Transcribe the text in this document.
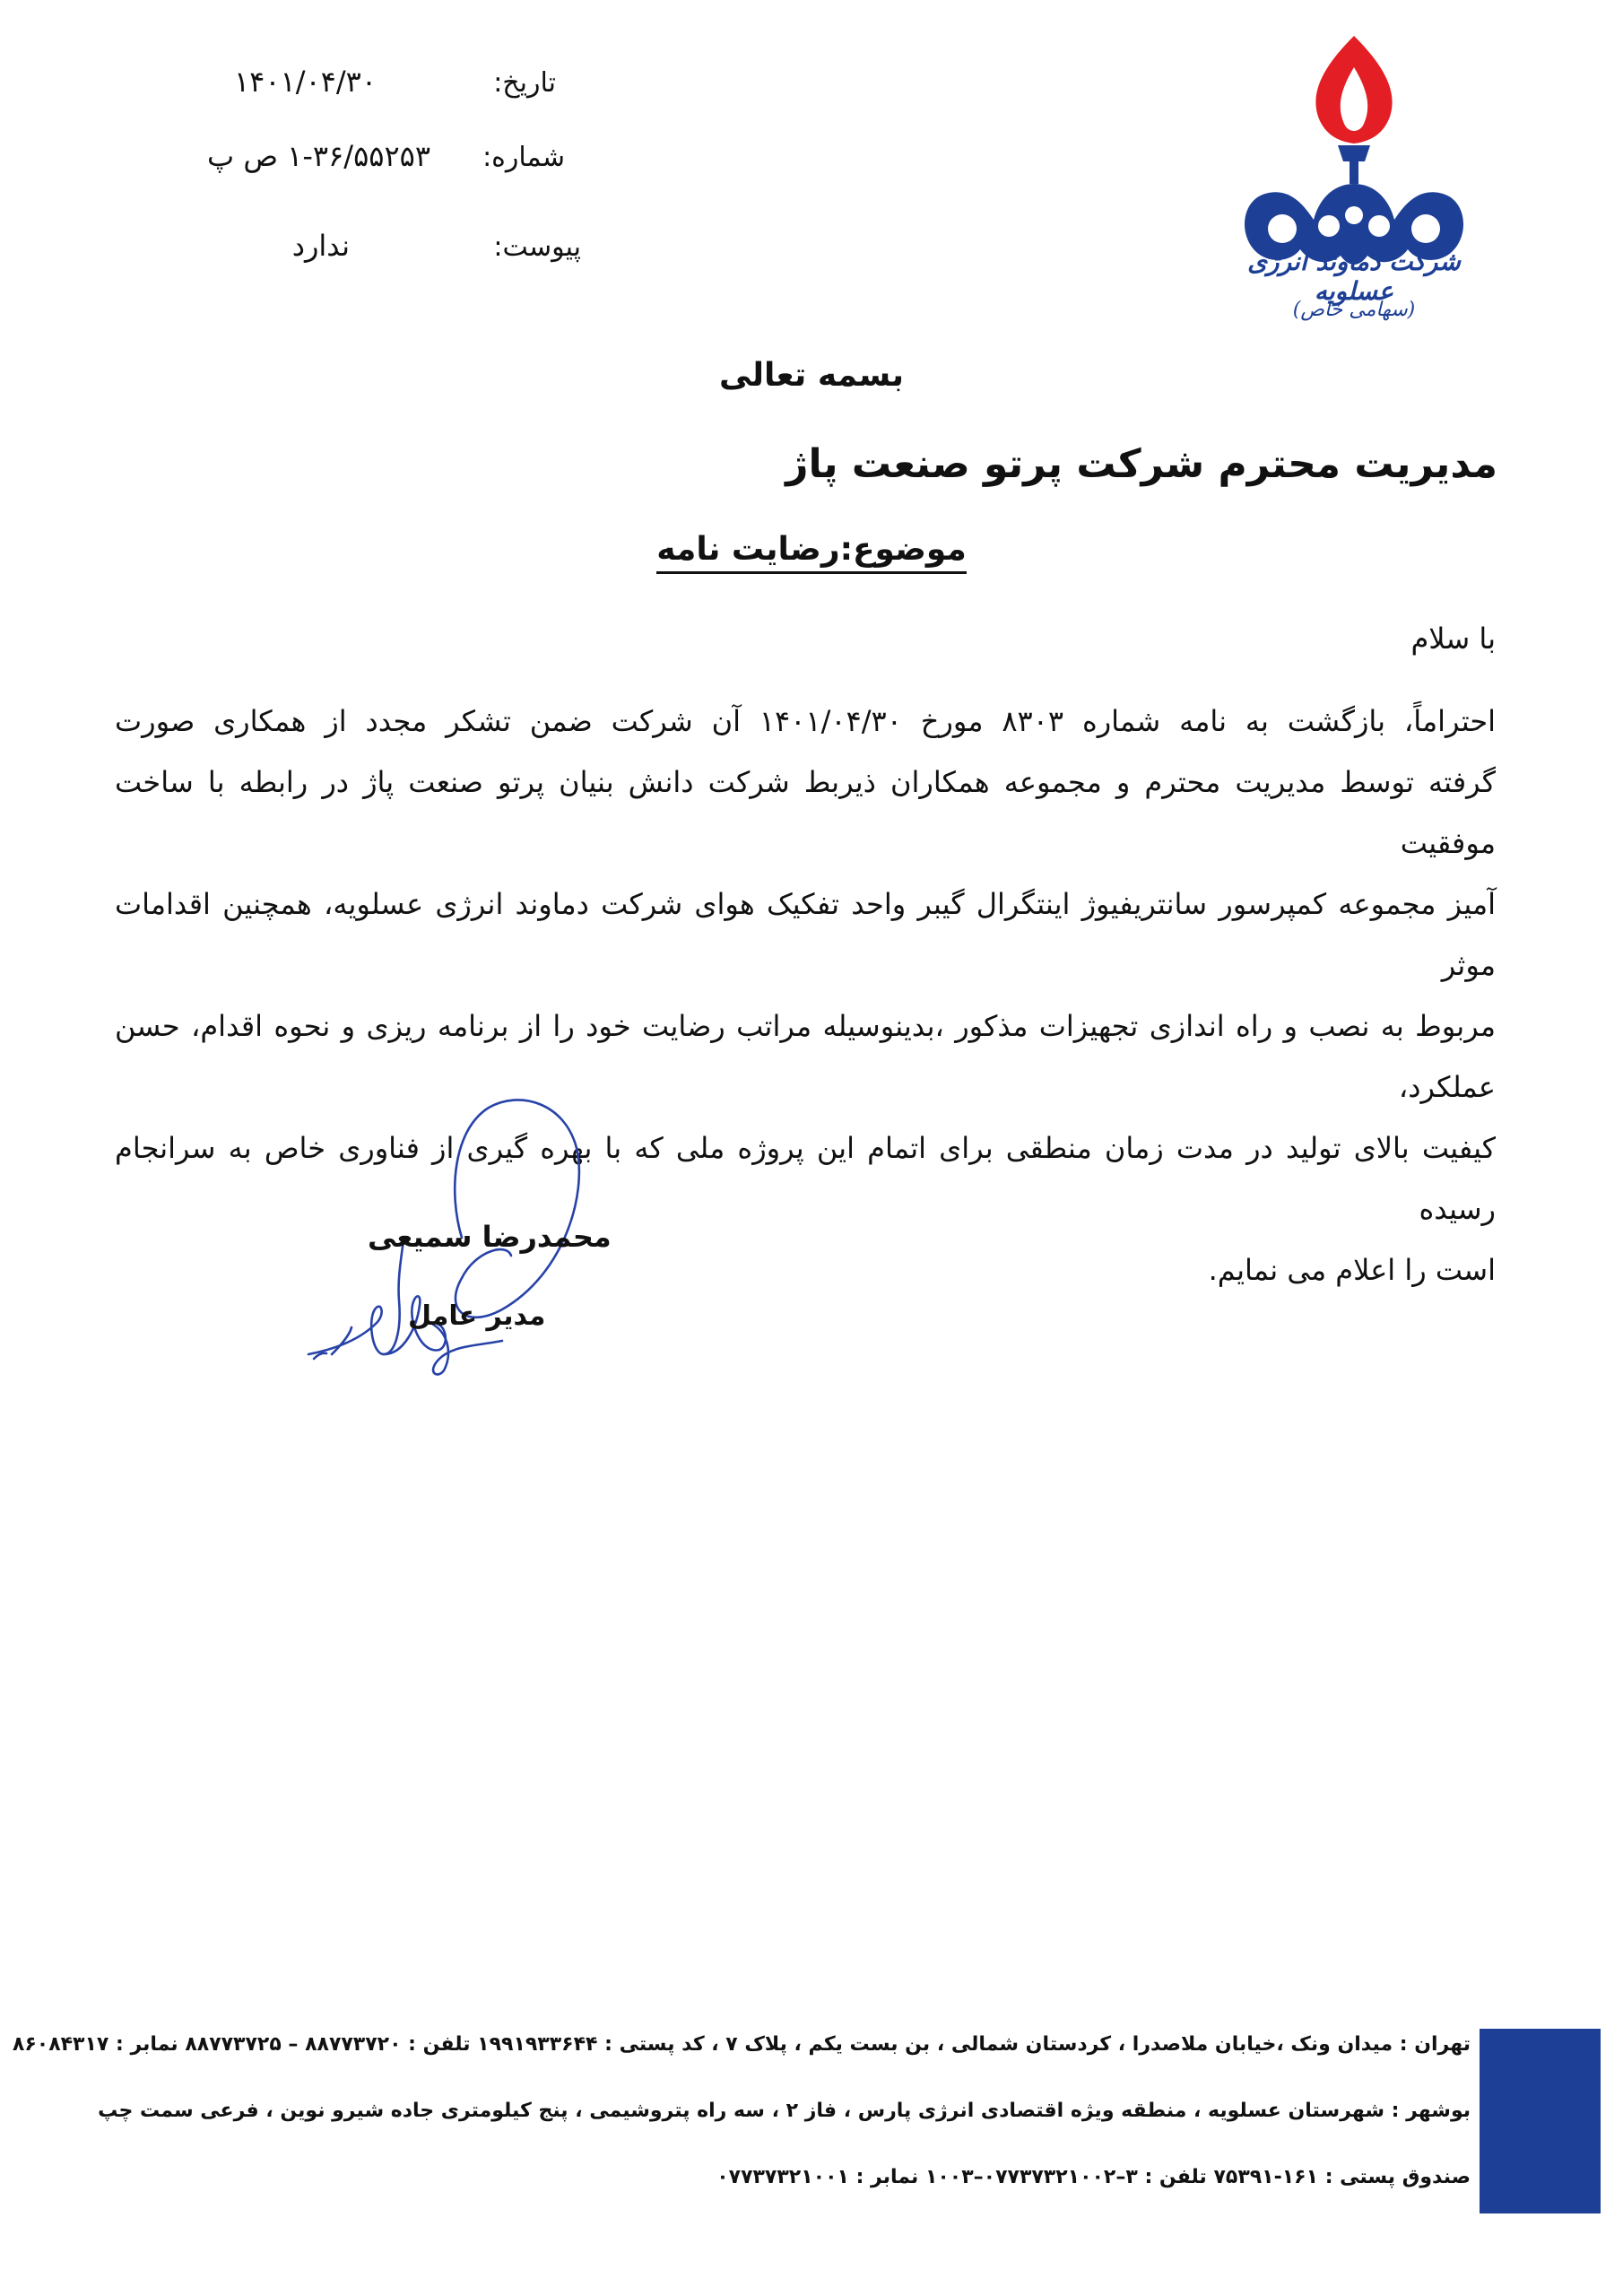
تاریخ:
۱۴۰۱/۰۴/۳۰
شماره:
۱-۳۶/۵۵۲۵۳ ص پ
پیوست:
ندارد	شرکت دماوند انرژی عسلویه
(سهامی خاص)
بسمه تعالی
مدیریت محترم شرکت پرتو صنعت پاژ
موضوع:رضایت نامه
با سلام
احتراماً، بازگشت به نامه شماره ۸۳۰۳ مورخ ۱۴۰۱/۰۴/۳۰ آن شرکت ضمن تشکر مجدد از همکاری صورت
گرفته توسط مدیریت محترم و مجموعه همکاران ذیربط شرکت دانش بنیان پرتو صنعت پاژ در رابطه با ساخت موفقیت
آمیز مجموعه کمپرسور سانتریفیوژ اینتگرال گیبر واحد تفکیک هوای شرکت دماوند انرژی عسلویه، همچنین اقدامات موثر
مربوط به نصب و راه اندازی تجهیزات مذکور ،بدینوسیله مراتب رضایت خود را از برنامه ریزی و نحوه اقدام، حسن عملکرد،
کیفیت بالای تولید در مدت زمان منطقی برای اتمام این پروژه ملی که با بهره گیری از فناوری خاص به سرانجام رسیده
است را اعلام می نمایم.
محمدرضا سمیعی
مدیر عامل
تهران : میدان ونک ،خیابان ملاصدرا ، کردستان شمالی ، بن بست یکم ، پلاک ۷ ، کد پستی : ۱۹۹۱۹۳۳۶۴۴ تلفن : ۸۸۷۷۳۷۲۰ – ۸۸۷۷۳۷۲۵ نمابر : ۸۶۰۸۴۳۱۷
بوشهر : شهرستان عسلویه ، منطقه ویژه اقتصادی انرژی پارس ، فاز ۲ ، سه راه پتروشیمی ، پنج کیلومتری جاده شیرو نوین ، فرعی سمت چپ
صندوق پستی : ۱۶۱-۷۵۳۹۱ تلفن : ۳–۰۷۷۳۷۳۲۱۰۰۲–۱۰۰۳ نمابر : ۰۷۷۳۷۳۲۱۰۰۱
